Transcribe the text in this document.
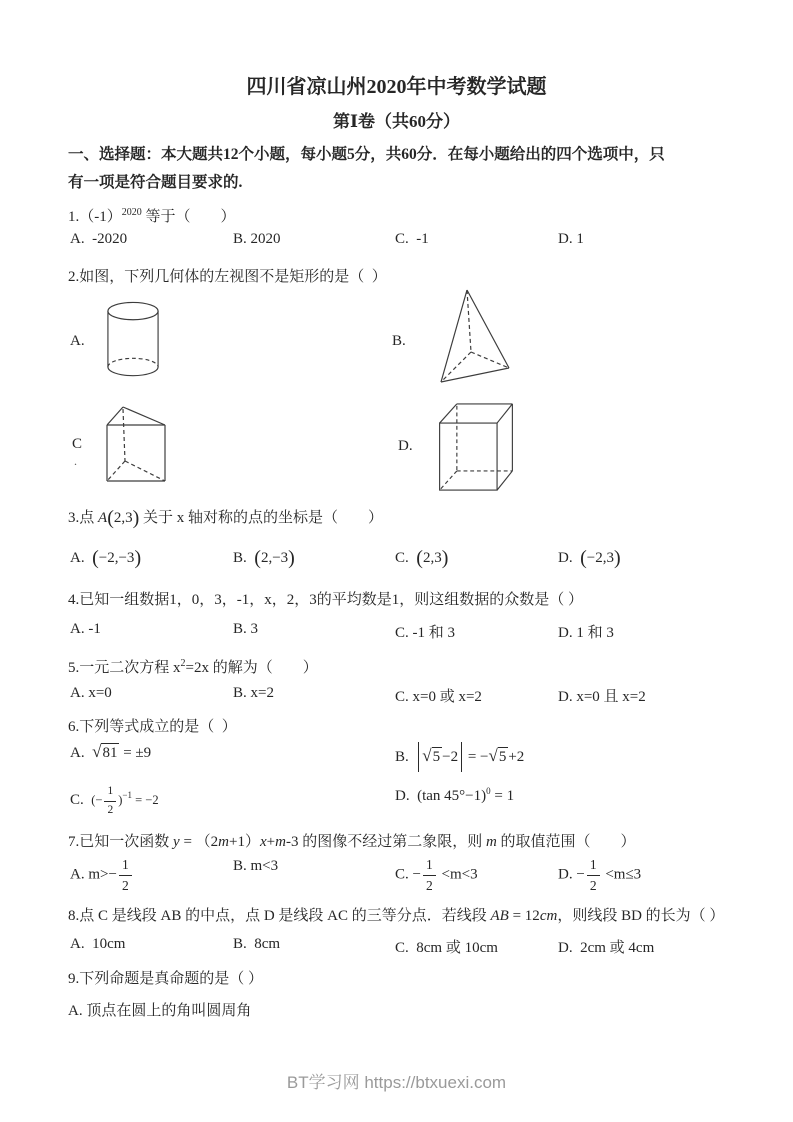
四川省凉山州2020年中考数学试题
第Ⅰ卷（共60分）
一、选择题：本大题共12个小题，每小题5分，共60分．在每小题给出的四个选项中，只
有一项是符合题目要求的.
$1.(-1)^{2020}$ 等于（　　）
A.  -2020	B. 2020	C.  -1	D. 1
2.如图，下列几何体的左视图不是矩形的是（  ）
A.	B.
C
.
D.
3.点 A(2,3) 关于 x 轴对称的点的坐标是（　　）
A.  (−2,−3)	B.  (2,−3)	C.  (2,3)	D.  (−2,3)
4.已知一组数据1，0，3，-1，x，2，3的平均数是1，则这组数据的众数是（ ）
A. -1	B. 3	C. -1 和 3	D. 1 和 3
5.一元二次方程 $x^2=2x$ 的解为（　　）
A. x=0	B. x=2	C. x=0 或 x=2	D. x=0 且 x=2
6.下列等式成立的是（  ）
A.  √81 = ±9	B.  √5 −2 = −√5 +2
C.  (− $\frac{1}{2} )^{-1} = -2$	D.  (tan 45°−1)$^0$ = 1
7.已知一次函数 y = （2m+1）x+m-3 的图像不经过第二象限，则 m 的取值范围（　　）
A. $m>- \frac{1}{2}$	B. m<3
C. − $\frac{1}{2} <m<3$	D. − $\frac{1}{2} <m\le 3$
8.点 C 是线段 AB 的中点，点 D 是线段 AC 的三等分点．若线段 AB = 12cm，则线段 BD 的长为（ ）
A.  10cm	B.  8cm	C.  8cm 或 10cm	D.  2cm 或 4cm
9.下列命题是真命题的是（ ）
A. 顶点在圆上的角叫圆周角
BT学习网 https://btxuexi.com
